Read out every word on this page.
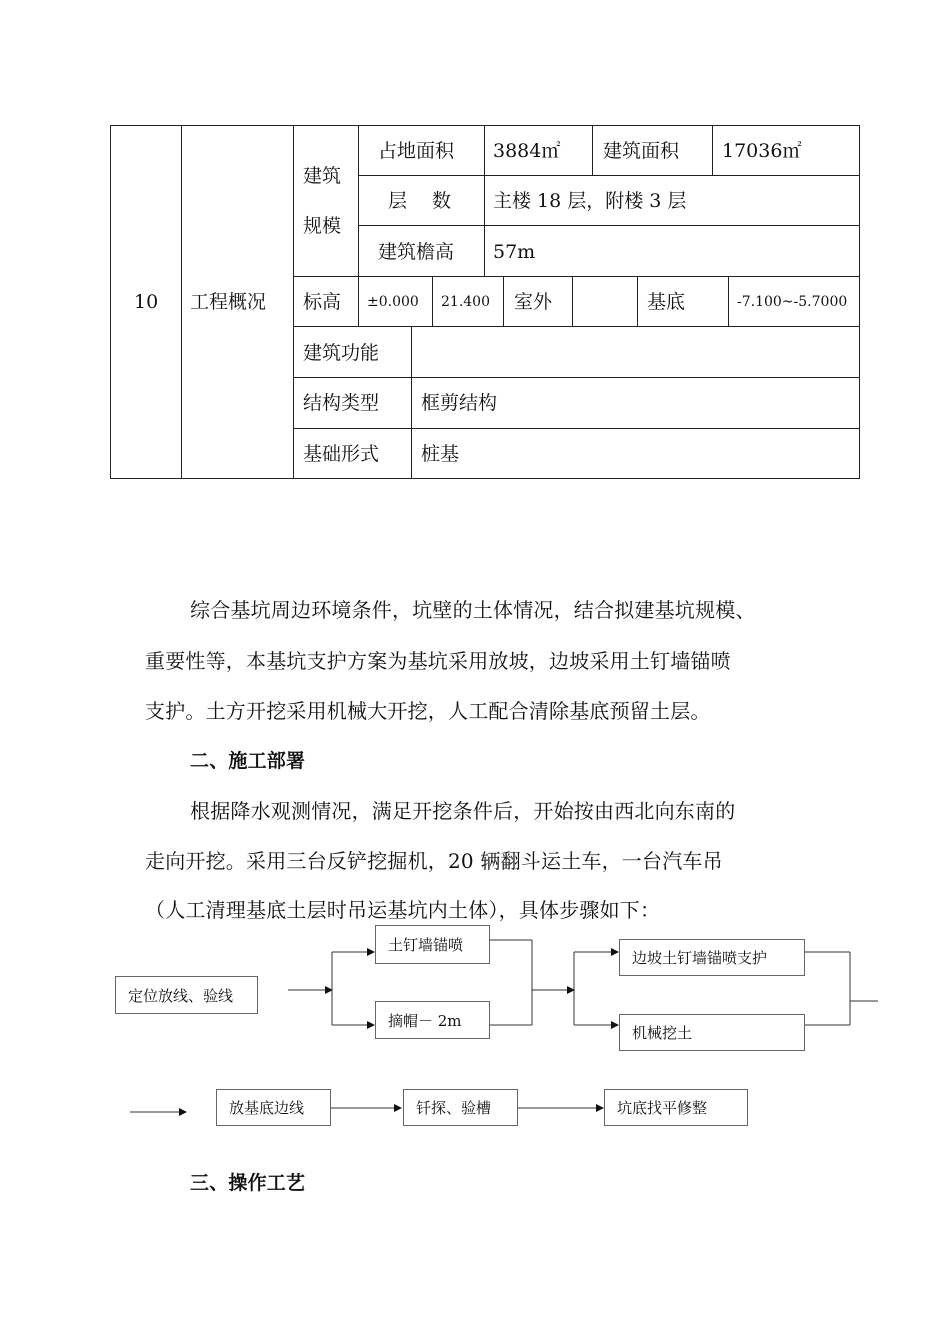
10 工程概况
建筑
规模
占地面积 3884㎡ 建筑面积 17036㎡
层　 数 主楼 18 层，附楼 3 层
建筑檐高 57m
标高 ±0.000 21.400 室外	基底	-7.100~-5.7000
建筑功能
结构类型 框剪结构
基础形式 桩基
综合基坑周边环境条件，坑壁的土体情况，结合拟建基坑规模、
重要性等，本基坑支护方案为基坑采用放坡，边坡采用土钉墙锚喷
支护。土方开挖采用机械大开挖，人工配合清除基底预留土层。
二、施工部署
根据降水观测情况，满足开挖条件后，开始按由西北向东南的
走向开挖。采用三台反铲挖掘机，20 辆翻斗运土车，一台汽车吊
（人工清理基底土层时吊运基坑内土体），具体步骤如下：
三、操作工艺
定位放线、验线
土钉墙锚喷
摘帽－ 2m
边坡土钉墙锚喷支护
机械挖土
放基底边线	钎探、验槽	坑底找平修整
